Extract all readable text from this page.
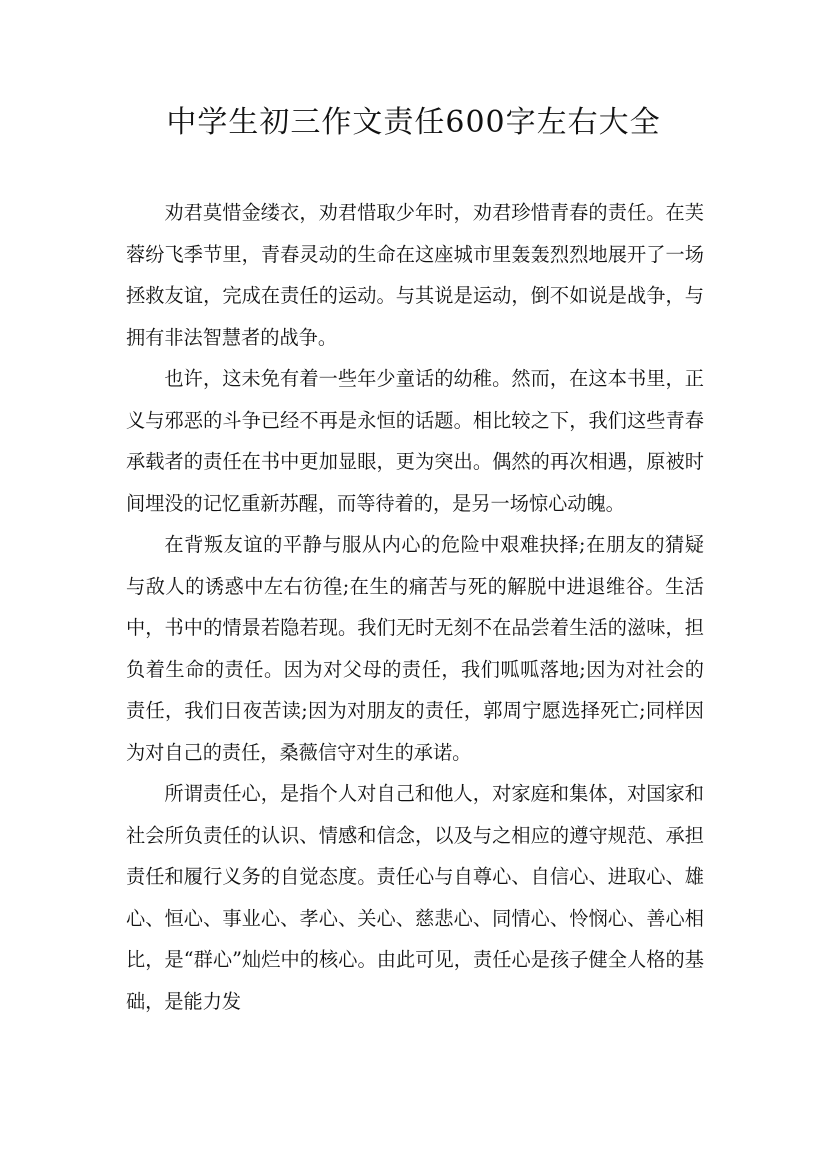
中学生初三作文责任600字左右大全

劝君莫惜金缕衣，劝君惜取少年时，劝君珍惜青春的责任。在芙蓉纷飞季节里，青春灵动的生命在这座城市里轰轰烈烈地展开了一场拯救友谊，完成在责任的运动。与其说是运动，倒不如说是战争，与拥有非法智慧者的战争。

也许，这未免有着一些年少童话的幼稚。然而，在这本书里，正义与邪恶的斗争已经不再是永恒的话题。相比较之下，我们这些青春承载者的责任在书中更加显眼，更为突出。偶然的再次相遇，原被时间埋没的记忆重新苏醒，而等待着的，是另一场惊心动魄。

在背叛友谊的平静与服从内心的危险中艰难抉择;在朋友的猜疑与敌人的诱惑中左右彷徨;在生的痛苦与死的解脱中进退维谷。生活中，书中的情景若隐若现。我们无时无刻不在品尝着生活的滋味，担负着生命的责任。因为对父母的责任，我们呱呱落地;因为对社会的责任，我们日夜苦读;因为对朋友的责任，郭周宁愿选择死亡;同样因为对自己的责任，桑薇信守对生的承诺。

所谓责任心，是指个人对自己和他人，对家庭和集体，对国家和社会所负责任的认识、情感和信念，以及与之相应的遵守规范、承担责任和履行义务的自觉态度。责任心与自尊心、自信心、进取心、雄心、恒心、事业心、孝心、关心、慈悲心、同情心、怜悯心、善心相比，是“群心”灿烂中的核心。由此可见，责任心是孩子健全人格的基础，是能力发
